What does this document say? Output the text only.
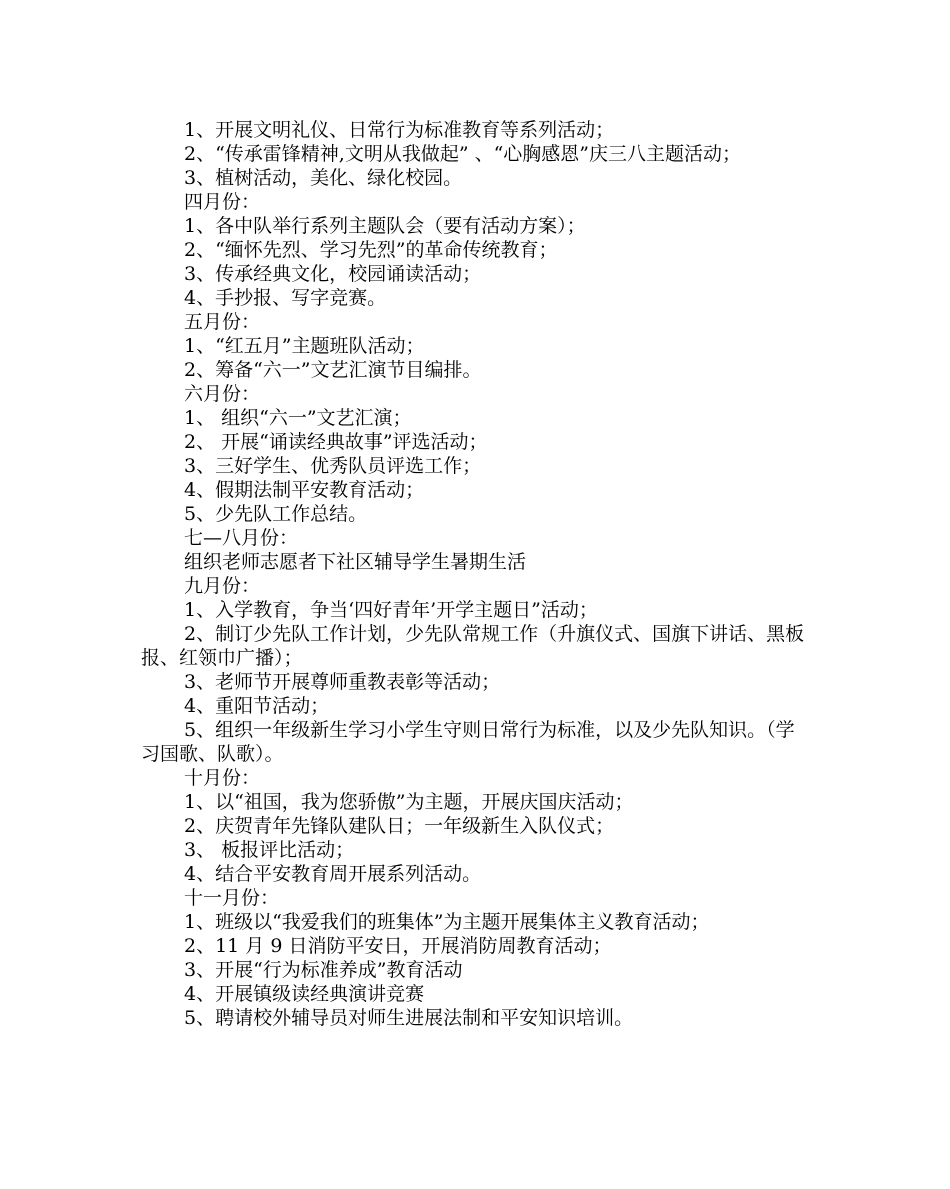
1、开展文明礼仪、日常行为标准教育等系列活动；

2、“传承雷锋精神,文明从我做起” 、“心胸感恩”庆三八主题活动；

3、植树活动，美化、绿化校园。

四月份：

1、各中队举行系列主题队会（要有活动方案）；

2、“缅怀先烈、学习先烈”的革命传统教育；

3、传承经典文化，校园诵读活动；

4、手抄报、写字竞赛。

五月份：

1、“红五月”主题班队活动；

2、筹备“六一”文艺汇演节目编排。

六月份：

1、 组织“六一”文艺汇演；

2、 开展“诵读经典故事”评选活动；

3、三好学生、优秀队员评选工作；

4、假期法制平安教育活动；

5、少先队工作总结。

七—八月份：

组织老师志愿者下社区辅导学生暑期生活

九月份：

1、入学教育，争当‘四好青年’开学主题日”活动；

2、制订少先队工作计划，少先队常规工作（升旗仪式、国旗下讲话、黑板报、红领巾广播）；

3、老师节开展尊师重教表彰等活动；

4、重阳节活动；

5、组织一年级新生学习小学生守则日常行为标准，以及少先队知识。（学习国歌、队歌）。

十月份：

1、以“祖国，我为您骄傲”为主题，开展庆国庆活动；

2、庆贺青年先锋队建队日；一年级新生入队仪式；

3、 板报评比活动；

4、结合平安教育周开展系列活动。

十一月份：

1、班级以“我爱我们的班集体”为主题开展集体主义教育活动；

2、11 月 9 日消防平安日，开展消防周教育活动；

3、开展“行为标准养成”教育活动

4、开展镇级读经典演讲竞赛

5、聘请校外辅导员对师生进展法制和平安知识培训。
